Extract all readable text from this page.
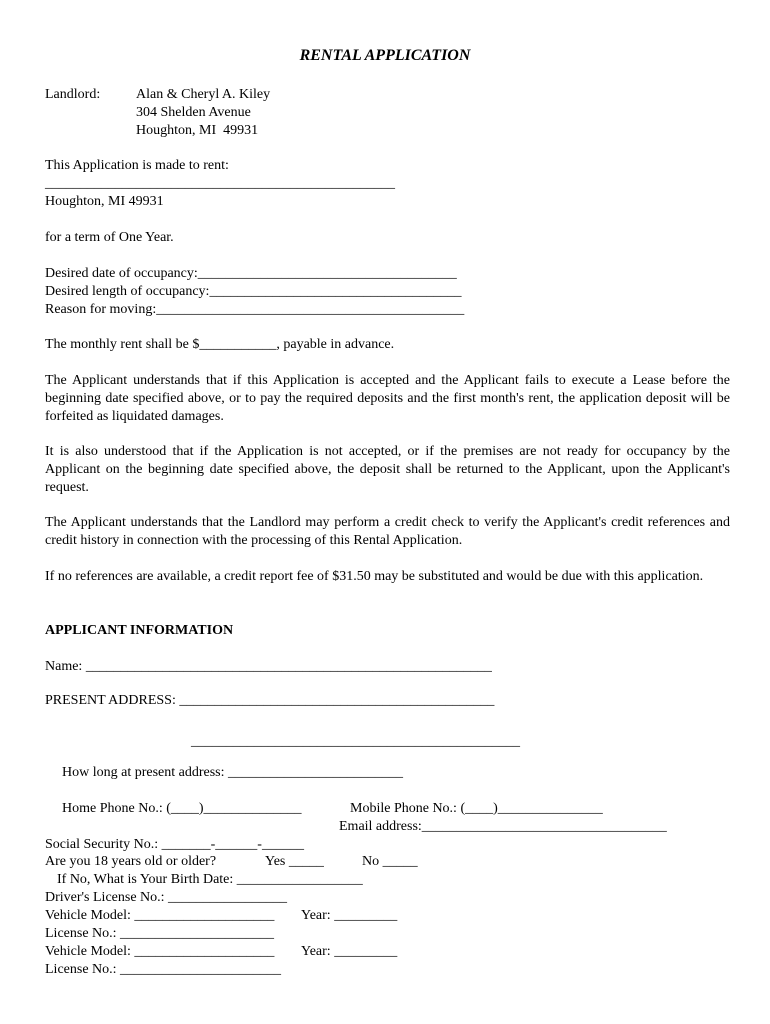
RENTAL APPLICATION
Landlord:	Alan & Cheryl A. Kiley
304 Shelden Avenue
Houghton, MI  49931
This Application is made to rent:
__________________________________________________
Houghton, MI 49931
for a term of One Year.
Desired date of occupancy:_____________________________________
Desired length of occupancy:____________________________________
Reason for moving:____________________________________________
The monthly rent shall be $___________, payable in advance.
The Applicant understands that if this Application is accepted and the Applicant fails to execute a Lease before the beginning date specified above, or to pay the required deposits and the first month's rent, the application deposit will be forfeited as liquidated damages.
It is also understood that if the Application is not accepted, or if the premises are not ready for occupancy by the Applicant on the beginning date specified above, the deposit shall be returned to the Applicant, upon the Applicant's request.
The Applicant understands that the Landlord may perform a credit check to verify the Applicant's credit references and credit history in connection with the processing of this Rental Application.
If no references are available, a credit report fee of $31.50 may be substituted and would be due with this application.
APPLICANT INFORMATION
Name: __________________________________________________________
PRESENT ADDRESS: _____________________________________________
_______________________________________________
How long at present address: _________________________
Home Phone No.: (____)______________	Mobile Phone No.: (____)_______________
Email address:___________________________________
Social Security No.: _______-______-______
Are you 18 years old or older?	Yes _____	No _____
If No, What is Your Birth Date: __________________
Driver's License No.: _________________
Vehicle Model: ____________________ Year: _________
License No.: ______________________
Vehicle Model: ____________________ Year: _________
License No.: _______________________
